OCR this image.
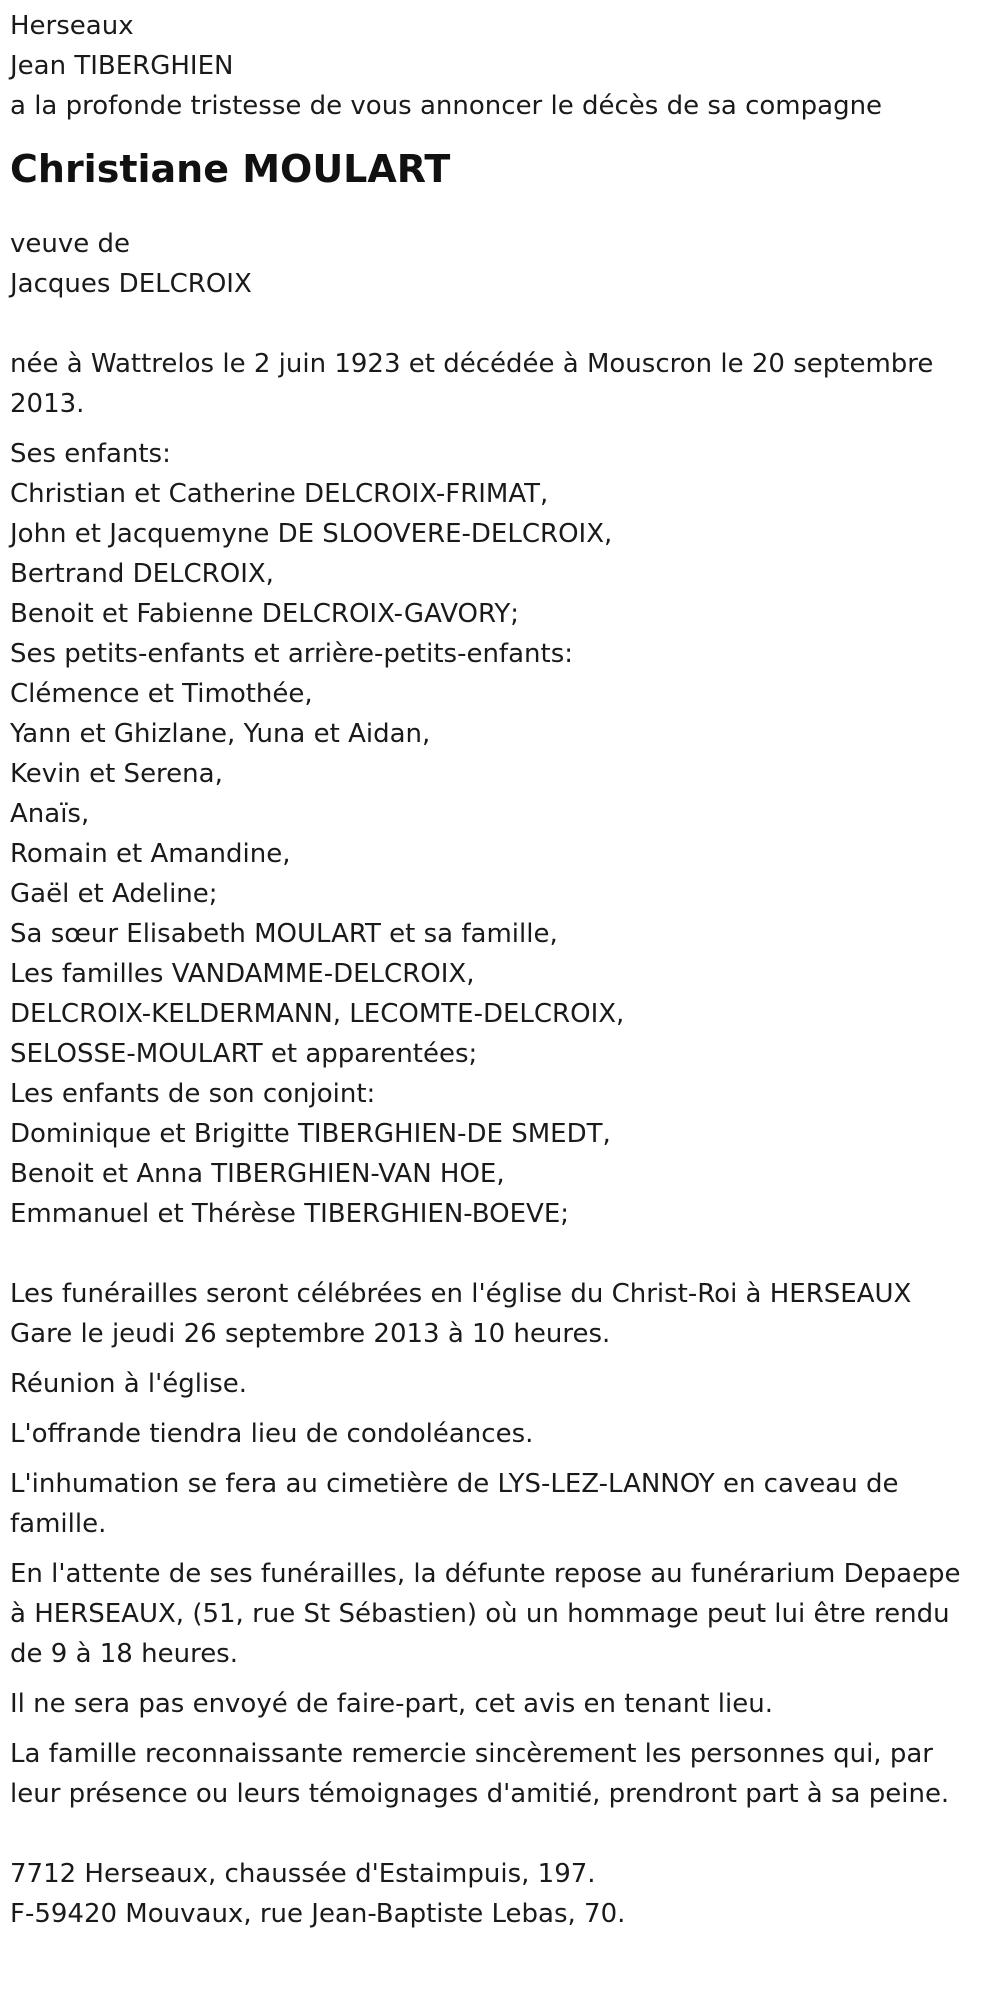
Herseaux
Jean TIBERGHIEN
a la profonde tristesse de vous annoncer le décès de sa compagne
Christiane MOULART
veuve de
Jacques DELCROIX

née à Wattrelos le 2 juin 1923 et décédée à Mouscron le 20 septembre 2013.

Ses enfants:
Christian et Catherine DELCROIX-FRIMAT,
John et Jacquemyne DE SLOOVERE-DELCROIX,
Bertrand DELCROIX,
Benoit et Fabienne DELCROIX-GAVORY;
Ses petits-enfants et arrière-petits-enfants:
Clémence et Timothée,
Yann et Ghizlane, Yuna et Aidan,
Kevin et Serena,
Anaïs,
Romain et Amandine,
Gaël et Adeline;
Sa sœur Elisabeth MOULART et sa famille,
Les familles VANDAMME-DELCROIX,
DELCROIX-KELDERMANN, LECOMTE-DELCROIX,
SELOSSE-MOULART et apparentées;
Les enfants de son conjoint:
Dominique et Brigitte TIBERGHIEN-DE SMEDT,
Benoit et Anna TIBERGHIEN-VAN HOE,
Emmanuel et Thérèse TIBERGHIEN-BOEVE;

Les funérailles seront célébrées en l'église du Christ-Roi à HERSEAUX Gare le jeudi 26 septembre 2013 à 10 heures.

Réunion à l'église.

L'offrande tiendra lieu de condoléances.

L'inhumation se fera au cimetière de LYS-LEZ-LANNOY en caveau de famille.

En l'attente de ses funérailles, la défunte repose au funérarium Depaepe à HERSEAUX, (51, rue St Sébastien) où un hommage peut lui être rendu de 9 à 18 heures.

Il ne sera pas envoyé de faire-part, cet avis en tenant lieu.

La famille reconnaissante remercie sincèrement les personnes qui, par leur présence ou leurs témoignages d'amitié, prendront part à sa peine.

7712 Herseaux, chaussée d'Estaimpuis, 197.
F-59420 Mouvaux, rue Jean-Baptiste Lebas, 70.
